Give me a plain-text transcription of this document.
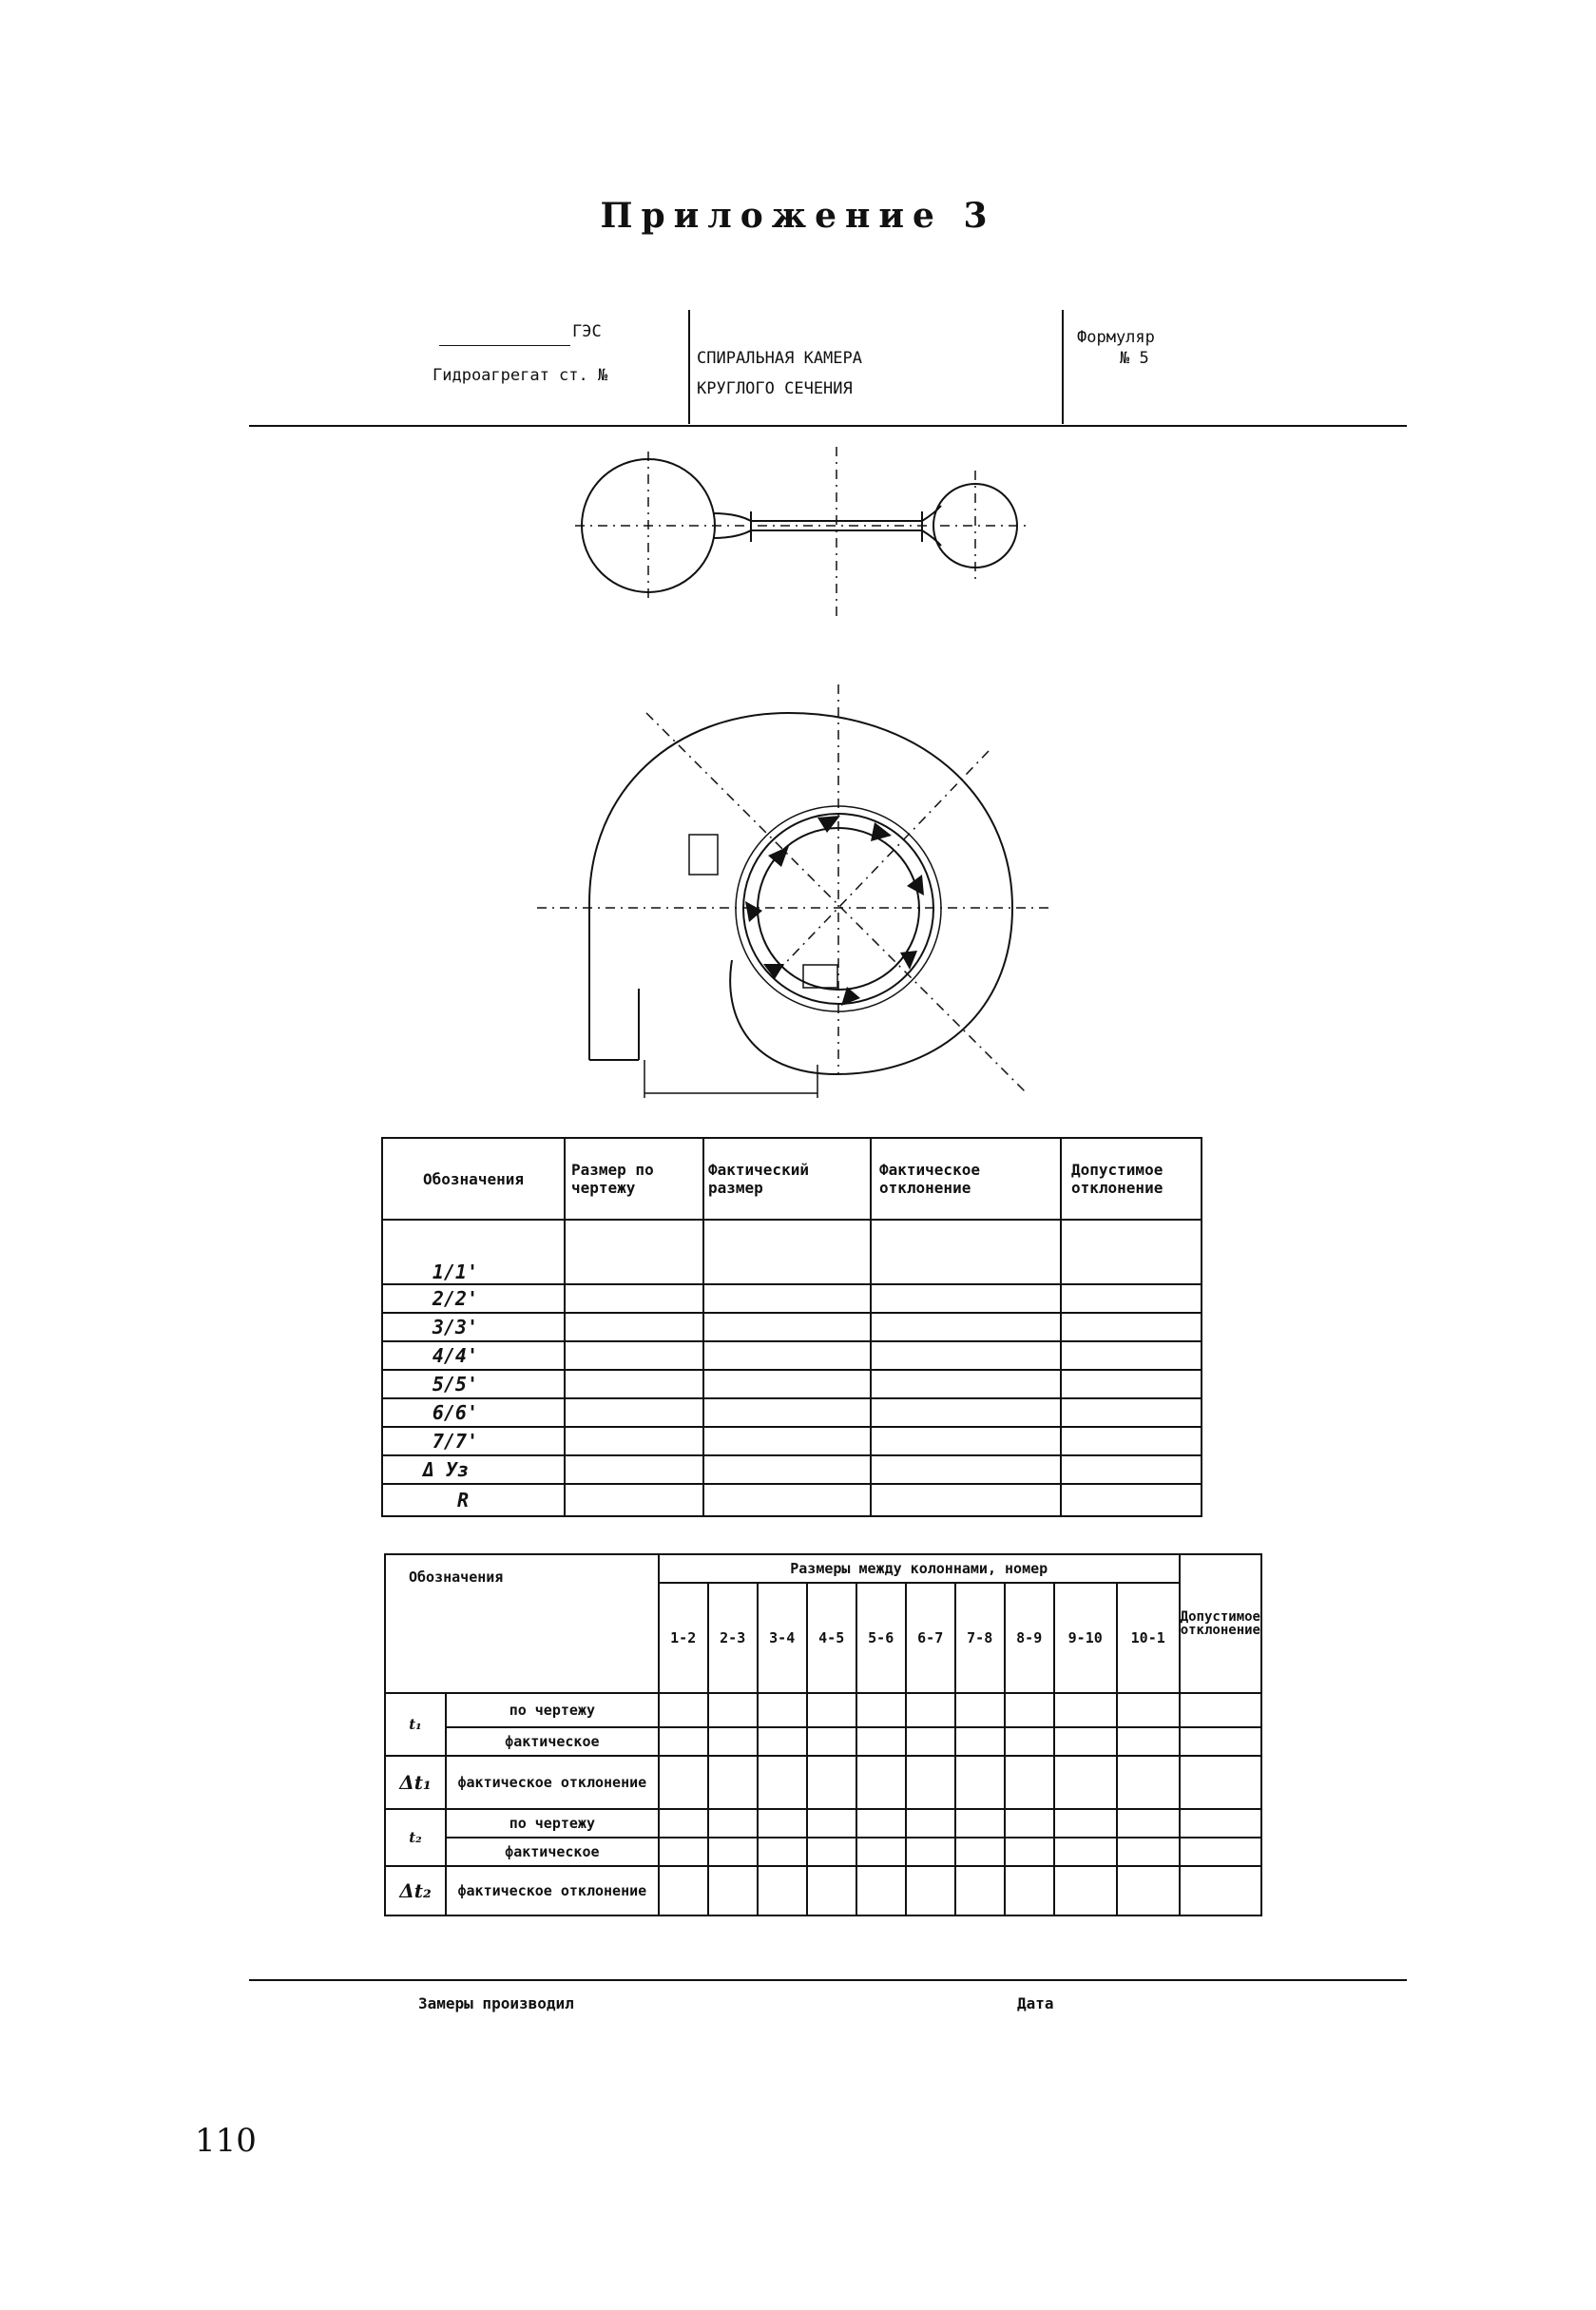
Приложение 3
ГЭС
Гидроагрегат ст. №
СПИРАЛЬНАЯ КАМЕРА
КРУГЛОГО СЕЧЕНИЯ
Формуляр
№ 5
Обозначения	Размер по чертежу	Фактический размер	Фактическое отклонение	Допустимое отклонение
1/1'				
2/2'				
3/3'				
4/4'				
5/5'				
6/6'				
7/7'				
Δ Уз				
R				
Обозначения		Размеры между колоннами, номер										Допустимое отклонение
		1-2	2-3	3-4	4-5	5-6	6-7	7-8	8-9	9-10	10-1	
t₁	по чертежу											
	фактическое											
Δt₁	фактическое отклонение											
t₂	по чертежу											
	фактическое											
Δt₂	фактическое отклонение											
Замеры производил	Дата
110
